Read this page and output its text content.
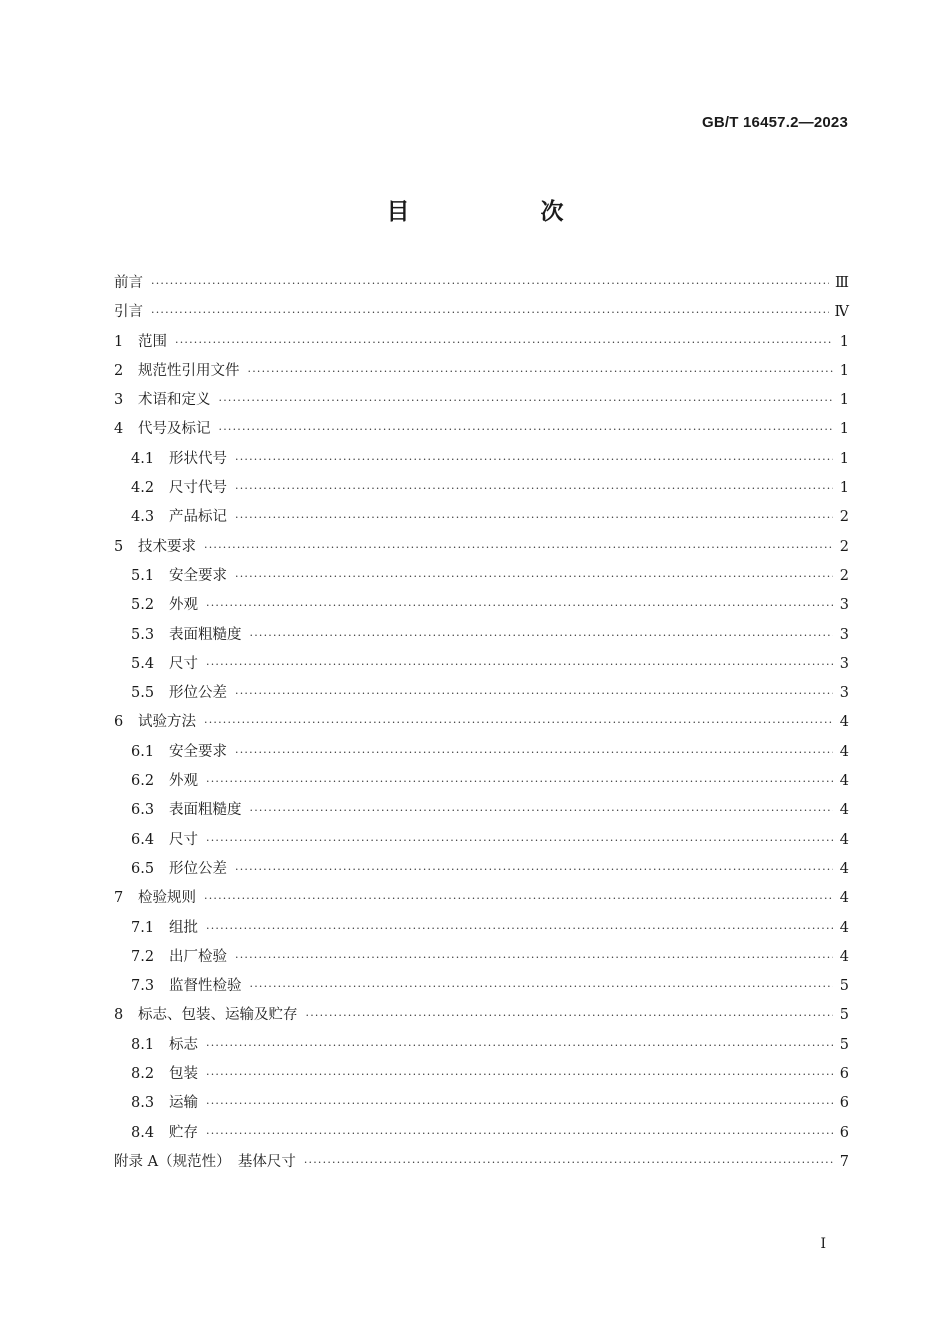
GB/T 16457.2—2023
目　次
前言 ·····	Ⅲ
引言 ·····	Ⅳ
1 范围 ·····	1
2 规范性引用文件 ·····	1
3 术语和定义 ·····	1
4 代号及标记 ·····	1
4.1 形状代号 ·····	1
4.2 尺寸代号 ·····	1
4.3 产品标记 ·····	2
5 技术要求 ·····	2
5.1 安全要求 ·····	2
5.2 外观 ·····	3
5.3 表面粗糙度 ·····	3
5.4 尺寸 ·····	3
5.5 形位公差 ·····	3
6 试验方法 ·····	4
6.1 安全要求 ·····	4
6.2 外观 ·····	4
6.3 表面粗糙度 ·····	4
6.4 尺寸 ·····	4
6.5 形位公差 ·····	4
7 检验规则 ·····	4
7.1 组批 ·····	4
7.2 出厂检验 ·····	4
7.3 监督性检验 ·····	5
8 标志、包装、运输及贮存 ·····	5
8.1 标志 ·····	5
8.2 包装 ·····	6
8.3 运输 ·····	6
8.4 贮存 ·····	6
附录 A（规范性）　基体尺寸 ·····	7
I
